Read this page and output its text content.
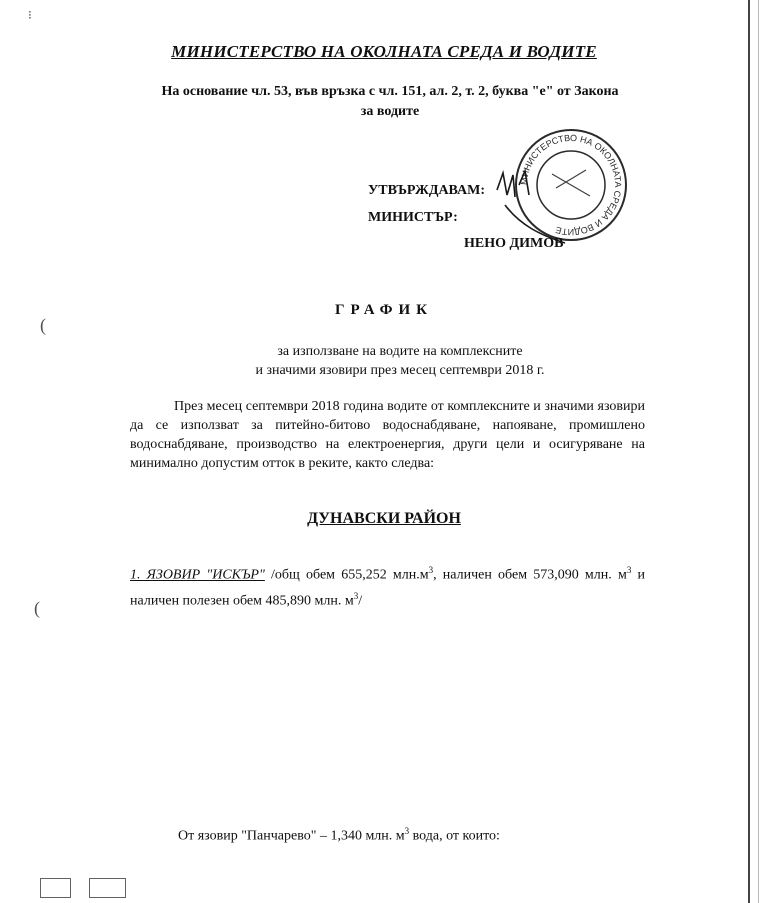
⁝
(
(
МИНИСТЕРСТВО НА ОКОЛНАТА СРЕДА И ВОДИТЕ
На основание чл. 53, във връзка с чл. 151, ал. 2, т. 2, буква "е" от Закона
за водите
МИНИСТЕРСТВО НА ОКОЛНАТА СРЕДА И ВОДИТЕ
УТВЪРЖДАВАМ:
МИНИСТЪР:
НЕНО ДИМОВ
ГРАФИК
за използване на водите на комплексните
и значими язовири през месец септември 2018 г.
През месец септември 2018 година водите от комплексните и значими язовири да се използват за питейно-битово водоснабдяване, напояване, промишлено водоснабдяване, производство на електроенергия, други цели и осигуряване на минимално допустим отток в реките, както следва:
ДУНАВСКИ РАЙОН
1. ЯЗОВИР "ИСКЪР" /общ обем 655,252 $млн.м^3$, наличен обем 573,090 млн. $м^3$ и наличен полезен обем 485,890 млн. $м^3/$
От язовир "Панчарево" – 1,340 млн. $м^3$ вода, от които:
